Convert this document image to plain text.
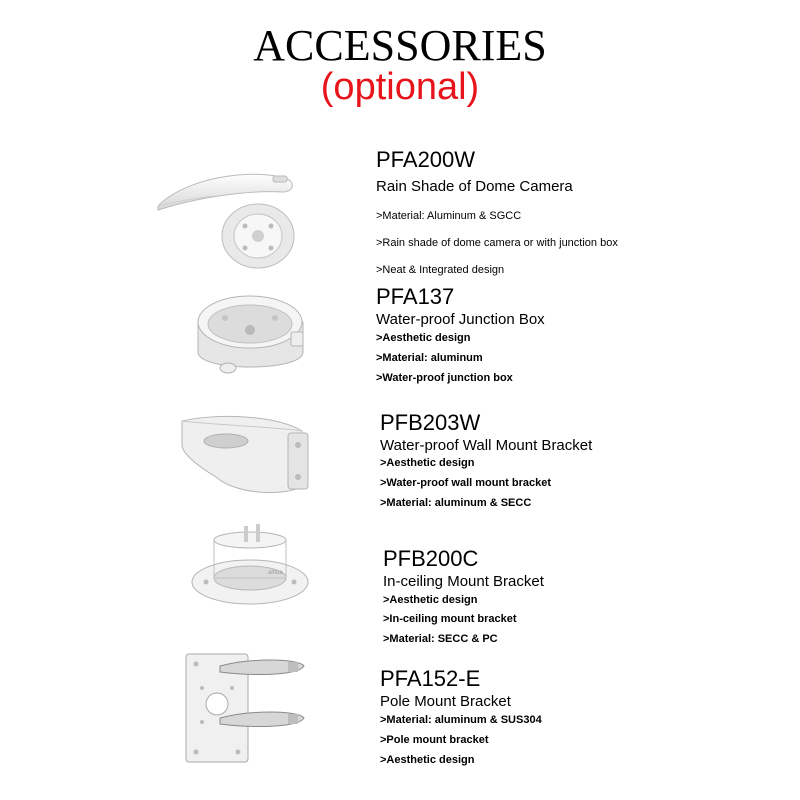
ACCESSORIES
(optional)
PFA200W
Rain Shade of Dome Camera
>Material: Aluminum & SGCC
>Rain shade of dome camera or with junction box
>Neat & Integrated design
PFA137
Water-proof Junction Box
>Aesthetic design
>Material: aluminum
>Water-proof junction box
PFB203W
Water-proof Wall Mount Bracket
>Aesthetic design
>Water-proof wall mount bracket
>Material: aluminum & SECC
alhua
PFB200C
In-ceiling Mount Bracket
>Aesthetic design
>In-ceiling mount bracket
>Material: SECC & PC
PFA152-E
Pole Mount Bracket
>Material: aluminum & SUS304
>Pole mount bracket
>Aesthetic design
